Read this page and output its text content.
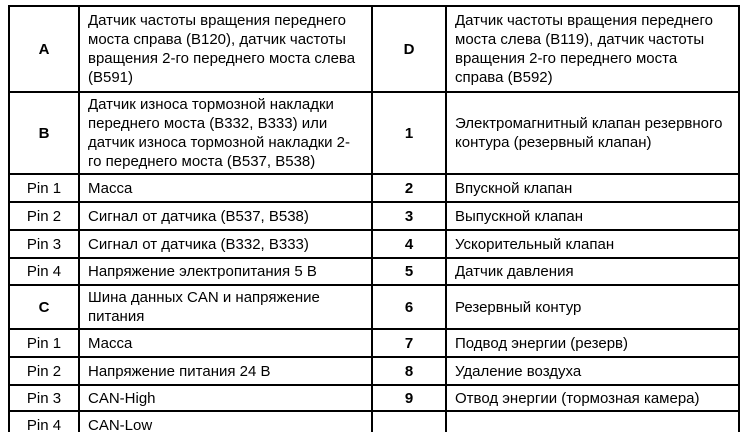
A	Датчик частоты вращения переднего моста справа (B120), датчик частоты вращения 2-го переднего моста слева (B591)	D	Датчик частоты вращения переднего моста слева (B119), датчик частоты вращения 2-го переднего моста справа (B592)
B	Датчик износа тормозной накладки переднего моста (B332, B333) или датчик износа тормозной накладки 2-го переднего моста (B537, B538)	1	Электромагнитный клапан резервного контура (резервный клапан)
Pin 1	Масса	2	Впускной клапан
Pin 2	Сигнал от датчика (B537, B538)	3	Выпускной клапан
Pin 3	Сигнал от датчика (B332, B333)	4	Ускорительный клапан
Pin 4	Напряжение электропитания 5 В	5	Датчик давления
C	Шина данных CAN и напряжение питания	6	Резервный контур
Pin 1	Масса	7	Подвод энергии (резерв)
Pin 2	Напряжение питания 24 В	8	Удаление воздуха
Pin 3	CAN-High	9	Отвод энергии (тормозная камера)
Pin 4	CAN-Low		
